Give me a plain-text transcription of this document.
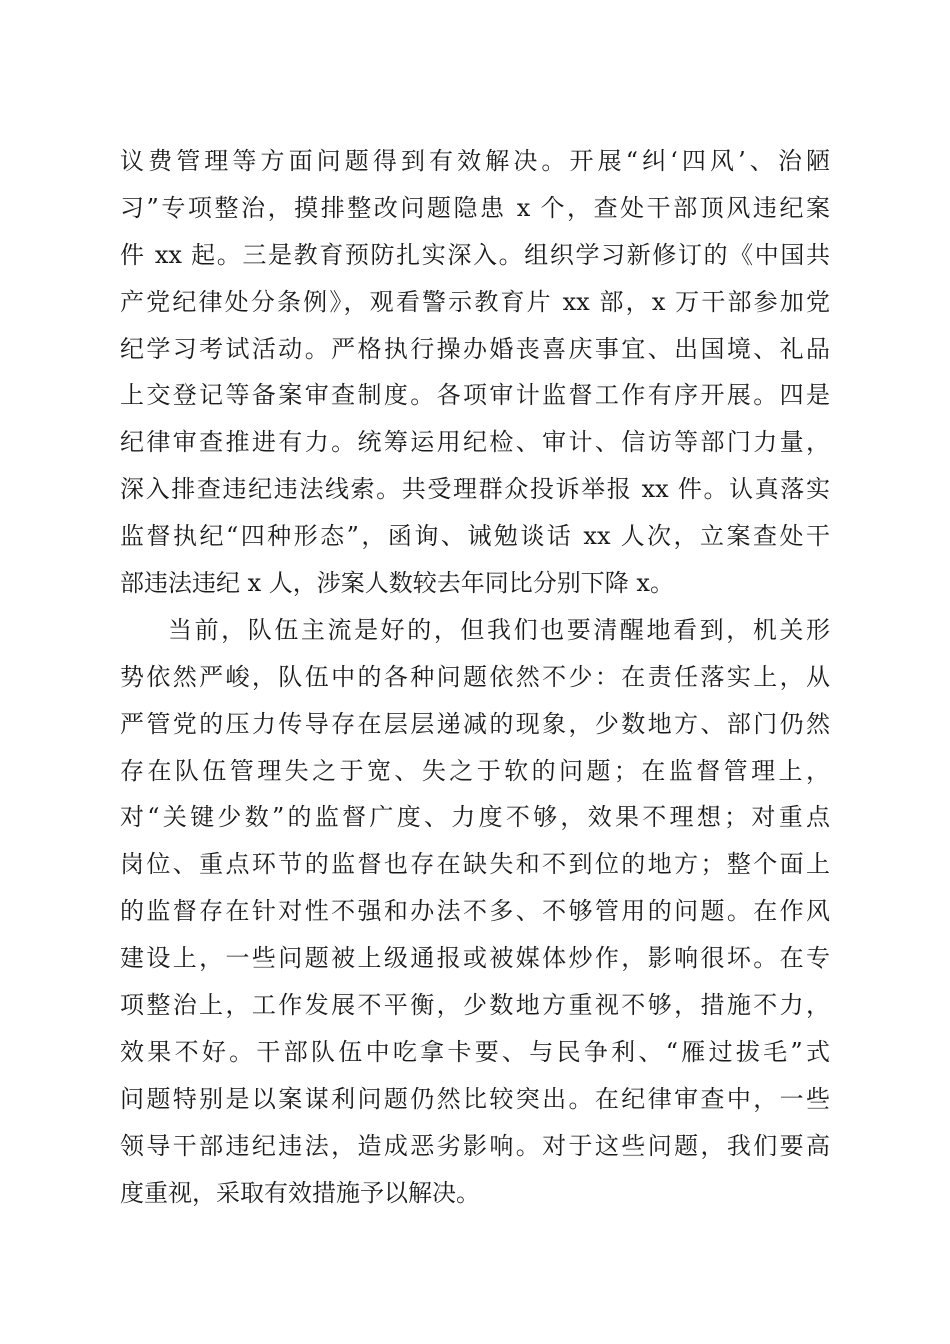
议费管理等方面问题得到有效解决。开展“纠‘四风’、治陋
习”专项整治，摸排整改问题隐患 x 个，查处干部顶风违纪案
件 xx 起。三是教育预防扎实深入。组织学习新修订的《中国共
产党纪律处分条例》，观看警示教育片 xx 部，x 万干部参加党
纪学习考试活动。严格执行操办婚丧喜庆事宜、出国境、礼品
上交登记等备案审查制度。各项审计监督工作有序开展。四是
纪律审查推进有力。统筹运用纪检、审计、信访等部门力量，
深入排查违纪违法线索。共受理群众投诉举报 xx 件。认真落实
监督执纪“四种形态”，函询、诫勉谈话 xx 人次，立案查处干
部违法违纪 x 人，涉案人数较去年同比分别下降 x。
当前，队伍主流是好的，但我们也要清醒地看到，机关形
势依然严峻，队伍中的各种问题依然不少：在责任落实上，从
严管党的压力传导存在层层递减的现象，少数地方、部门仍然
存在队伍管理失之于宽、失之于软的问题；在监督管理上，
对“关键少数”的监督广度、力度不够，效果不理想；对重点
岗位、重点环节的监督也存在缺失和不到位的地方；整个面上
的监督存在针对性不强和办法不多、不够管用的问题。在作风
建设上，一些问题被上级通报或被媒体炒作，影响很坏。在专
项整治上，工作发展不平衡，少数地方重视不够，措施不力，
效果不好。干部队伍中吃拿卡要、与民争利、“雁过拔毛”式
问题特别是以案谋利问题仍然比较突出。在纪律审查中，一些
领导干部违纪违法，造成恶劣影响。对于这些问题，我们要高
度重视，采取有效措施予以解决。
